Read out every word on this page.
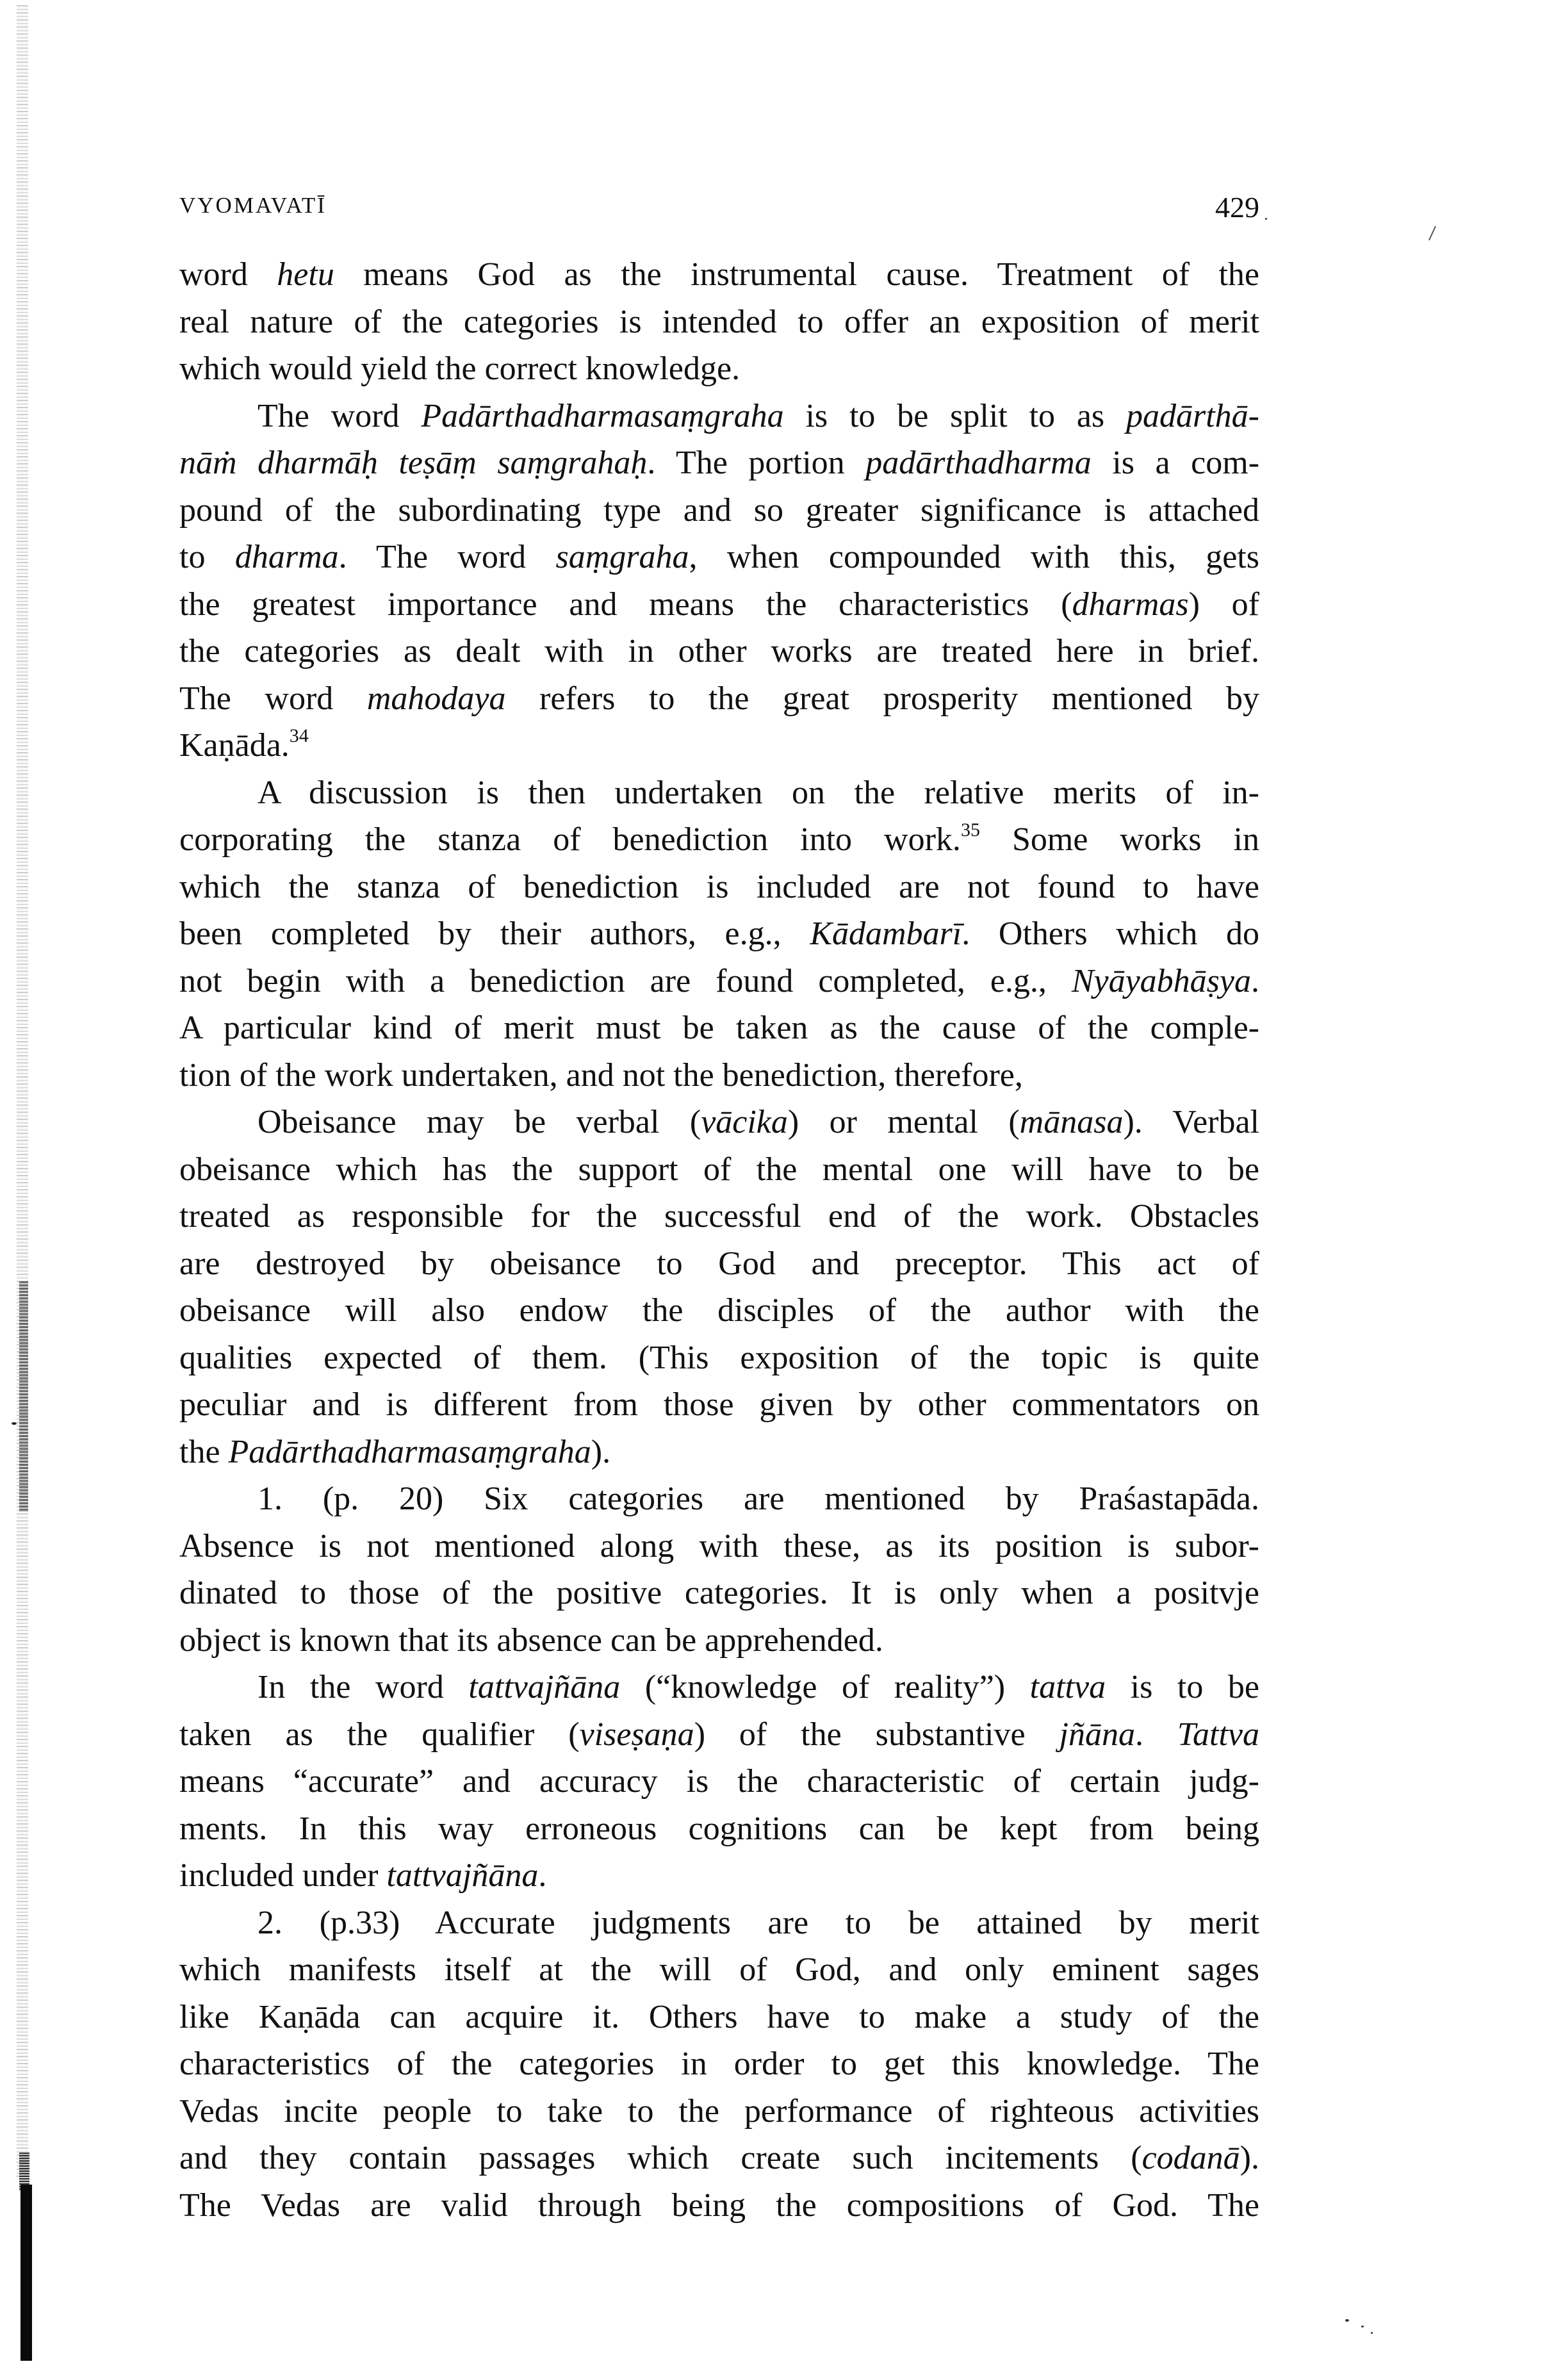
VYOMAVATĪ	429
word hetu means God as the instrumental cause. Treatment of the
real nature of the categories is intended to offer an exposition of merit
which would yield the correct knowledge.
The word Padārthadharmasaṃgraha is to be split to as padārthā-
nāṁ dharmāḥ teṣāṃ saṃgrahaḥ. The portion padārthadharma is a com-
pound of the subordinating type and so greater significance is attached
to dharma. The word saṃgraha, when compounded with this, gets
the greatest importance and means the characteristics (dharmas) of
the categories as dealt with in other works are treated here in brief.
The word mahodaya refers to the great prosperity mentioned by
Kaṇāda.$^{34}$
A discussion is then undertaken on the relative merits of in-
corporating the stanza of benediction into work.$^{35}$ Some works in
which the stanza of benediction is included are not found to have
been completed by their authors, e.g., Kādambarī. Others which do
not begin with a benediction are found completed, e.g., Nyāyabhāṣya.
A particular kind of merit must be taken as the cause of the comple-
tion of the work undertaken, and not the benediction, therefore,
Obeisance may be verbal (vācika) or mental (mānasa). Verbal
obeisance which has the support of the mental one will have to be
treated as responsible for the successful end of the work. Obstacles
are destroyed by obeisance to God and preceptor. This act of
obeisance will also endow the disciples of the author with the
qualities expected of them. (This exposition of the topic is quite
peculiar and is different from those given by other commentators on
the Padārthadharmasaṃgraha).
1. (p. 20) Six categories are mentioned by Praśastapāda.
Absence is not mentioned along with these, as its position is subor-
dinated to those of the positive categories. It is only when a positvje
object is known that its absence can be apprehended.
In the word tattvajñāna (“knowledge of reality”) tattva is to be
taken as the qualifier (viseṣaṇa) of the substantive jñāna. Tattva
means “accurate” and accuracy is the characteristic of certain judg-
ments. In this way erroneous cognitions can be kept from being
included under tattvajñāna.
2. (p.33) Accurate judgments are to be attained by merit
which manifests itself at the will of God, and only eminent sages
like Kaṇāda can acquire it. Others have to make a study of the
characteristics of the categories in order to get this knowledge. The
Vedas incite people to take to the performance of righteous activities
and they contain passages which create such incitements (codanā).
The Vedas are valid through being the compositions of God. The
